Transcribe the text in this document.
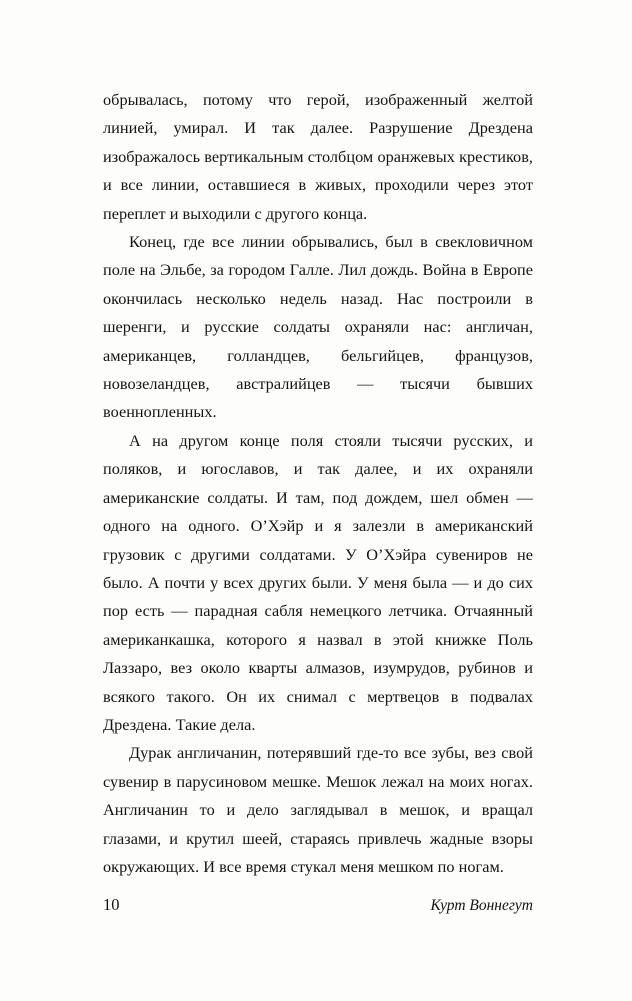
обрывалась, потому что герой, изображенный желтой линией, умирал. И так далее. Разрушение Дрездена изображалось вертикальным столбцом оранжевых крестиков, и все линии, оставшиеся в живых, проходили через этот переплет и выходили с другого конца.

Конец, где все линии обрывались, был в свекловичном поле на Эльбе, за городом Галле. Лил дождь. Война в Европе окончилась несколько недель назад. Нас построили в шеренги, и русские солдаты охраняли нас: англичан, американцев, голландцев, бельгийцев, французов, новозеландцев, австралийцев — тысячи бывших военнопленных.

А на другом конце поля стояли тысячи русских, и поляков, и югославов, и так далее, и их охраняли американские солдаты. И там, под дождем, шел обмен — одного на одного. О’Хэйр и я залезли в американский грузовик с другими солдатами. У О’Хэйра сувениров не было. А почти у всех других были. У меня была — и до сих пор есть — парадная сабля немецкого летчика. Отчаянный американкашка, которого я назвал в этой книжке Поль Лаззаро, вез около кварты алмазов, изумрудов, рубинов и всякого такого. Он их снимал с мертвецов в подвалах Дрездена. Такие дела.

Дурак англичанин, потерявший где-то все зубы, вез свой сувенир в парусиновом мешке. Мешок лежал на моих ногах. Англичанин то и дело заглядывал в мешок, и вращал глазами, и крутил шеей, стараясь привлечь жадные взоры окружающих. И все время стукал меня мешком по ногам.

10	Курт Воннегут
